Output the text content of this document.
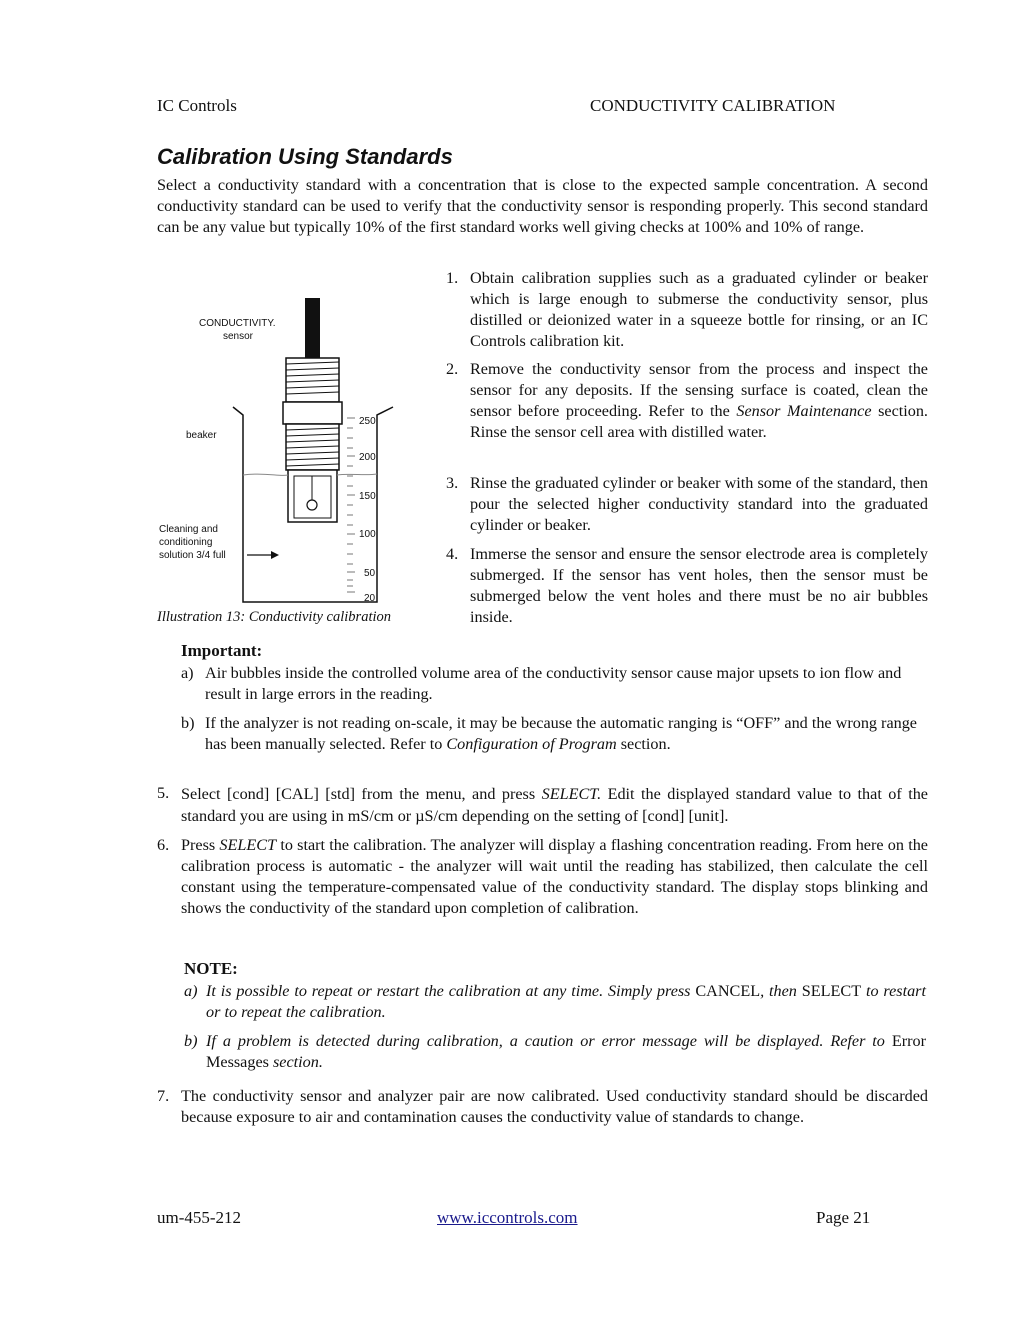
IC Controls	CONDUCTIVITY CALIBRATION
Calibration Using Standards
Select a conductivity standard with a concentration that is close to the expected sample concentration. A second conductivity standard can be used to verify that the conductivity sensor is responding properly. This second standard can be any value but typically 10% of the first standard works well giving checks at 100% and 10% of range.
250
200
150
100
50
20
CONDUCTIVITY.
sensor
beaker
Cleaning and
conditioning
solution 3/4 full
Illustration 13: Conductivity calibration
1. Obtain calibration supplies such as a graduated cylinder or beaker which is large enough to submerse the conductivity sensor, plus distilled or deionized water in a squeeze bottle for rinsing, or an IC Controls calibration kit.
2. Remove the conductivity sensor from the process and inspect the sensor for any deposits. If the sensing surface is coated, clean the sensor before proceeding. Refer to the Sensor Maintenance section. Rinse the sensor cell area with distilled water.
3. Rinse the graduated cylinder or beaker with some of the standard, then pour the selected higher conductivity standard into the graduated cylinder or beaker.
4. Immerse the sensor and ensure the sensor electrode area is completely submerged. If the sensor has vent holes, then the sensor must be submerged below the vent holes and there must be no air bubbles inside.
Important:
a) Air bubbles inside the controlled volume area of the conductivity sensor cause major upsets to ion flow and result in large errors in the reading.
b) If the analyzer is not reading on-scale, it may be because the automatic ranging is “OFF” and the wrong range has been manually selected. Refer to Configuration of Program section.
5. Select [cond] [CAL] [std] from the menu, and press SELECT. Edit the displayed standard value to that of the standard you are using in mS/cm or µS/cm depending on the setting of [cond] [unit].
6. Press SELECT to start the calibration. The analyzer will display a flashing concentration reading. From here on the calibration process is automatic - the analyzer will wait until the reading has stabilized, then calculate the cell constant using the temperature-compensated value of the conductivity standard. The display stops blinking and shows the conductivity of the standard upon completion of calibration.
NOTE:
a) It is possible to repeat or restart the calibration at any time. Simply press CANCEL, then SELECT to restart or to repeat the calibration.
b) If a problem is detected during calibration, a caution or error message will be displayed. Refer to Error Messages section.
7. The conductivity sensor and analyzer pair are now calibrated. Used conductivity standard should be discarded because exposure to air and contamination causes the conductivity value of standards to change.
um-455-212	www.iccontrols.com	Page 21
